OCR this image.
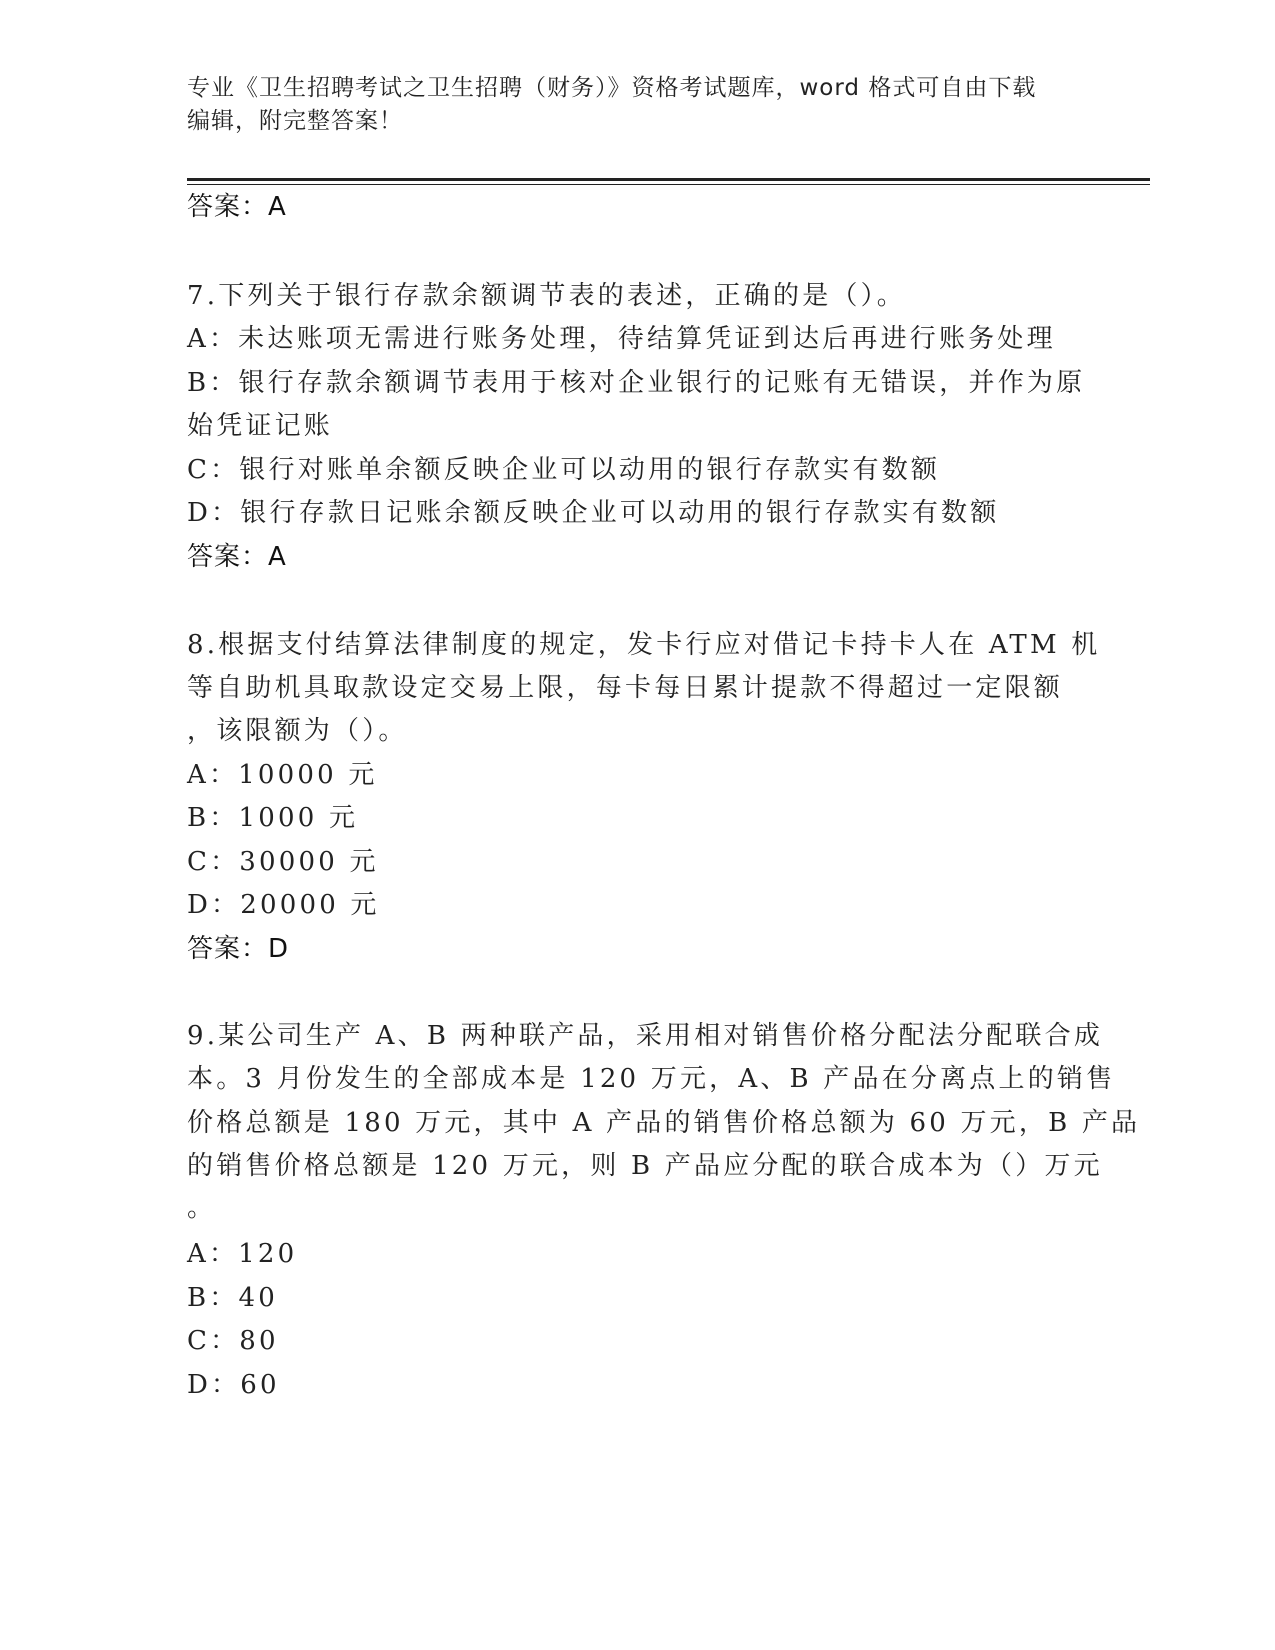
专业《卫生招聘考试之卫生招聘（财务）》资格考试题库，word 格式可自由下载
编辑，附完整答案！
答案：A
7.下列关于银行存款余额调节表的表述，正确的是（）。
A：未达账项无需进行账务处理，待结算凭证到达后再进行账务处理
B：银行存款余额调节表用于核对企业银行的记账有无错误，并作为原
始凭证记账
C：银行对账单余额反映企业可以动用的银行存款实有数额
D：银行存款日记账余额反映企业可以动用的银行存款实有数额
答案：A
8.根据支付结算法律制度的规定，发卡行应对借记卡持卡人在 ATM 机
等自助机具取款设定交易上限，每卡每日累计提款不得超过一定限额
，该限额为（）。
A：10000 元
B：1000 元
C：30000 元
D：20000 元
答案：D
9.某公司生产 A、B 两种联产品，采用相对销售价格分配法分配联合成
本。3 月份发生的全部成本是 120 万元，A、B 产品在分离点上的销售
价格总额是 180 万元，其中 A 产品的销售价格总额为 60 万元，B 产品
的销售价格总额是 120 万元，则 B 产品应分配的联合成本为（）万元
。
A：120
B：40
C：80
D：60
